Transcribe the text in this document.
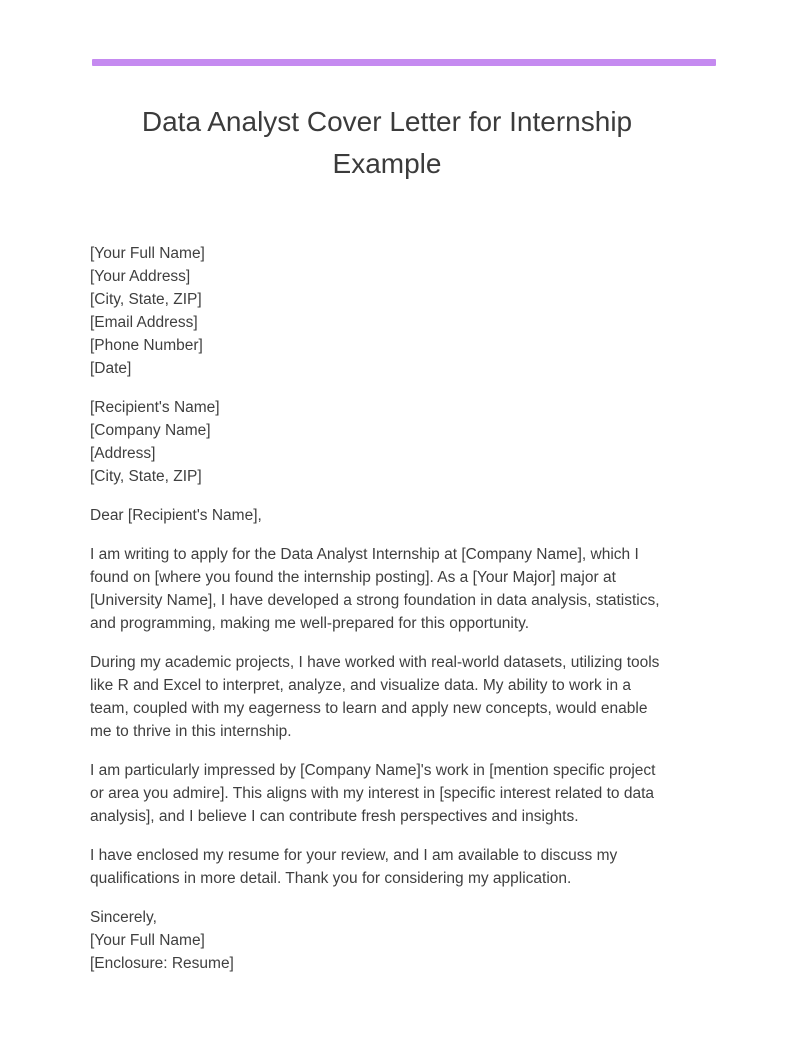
Data Analyst Cover Letter for Internship Example
[Your Full Name]
[Your Address]
[City, State, ZIP]
[Email Address]
[Phone Number]
[Date]
[Recipient's Name]
[Company Name]
[Address]
[City, State, ZIP]
Dear [Recipient's Name],
I am writing to apply for the Data Analyst Internship at [Company Name], which I
found on [where you found the internship posting]. As a [Your Major] major at
[University Name], I have developed a strong foundation in data analysis, statistics,
and programming, making me well-prepared for this opportunity.
During my academic projects, I have worked with real-world datasets, utilizing tools
like R and Excel to interpret, analyze, and visualize data. My ability to work in a
team, coupled with my eagerness to learn and apply new concepts, would enable
me to thrive in this internship.
I am particularly impressed by [Company Name]'s work in [mention specific project
or area you admire]. This aligns with my interest in [specific interest related to data
analysis], and I believe I can contribute fresh perspectives and insights.
I have enclosed my resume for your review, and I am available to discuss my
qualifications in more detail. Thank you for considering my application.
Sincerely,
[Your Full Name]
[Enclosure: Resume]
